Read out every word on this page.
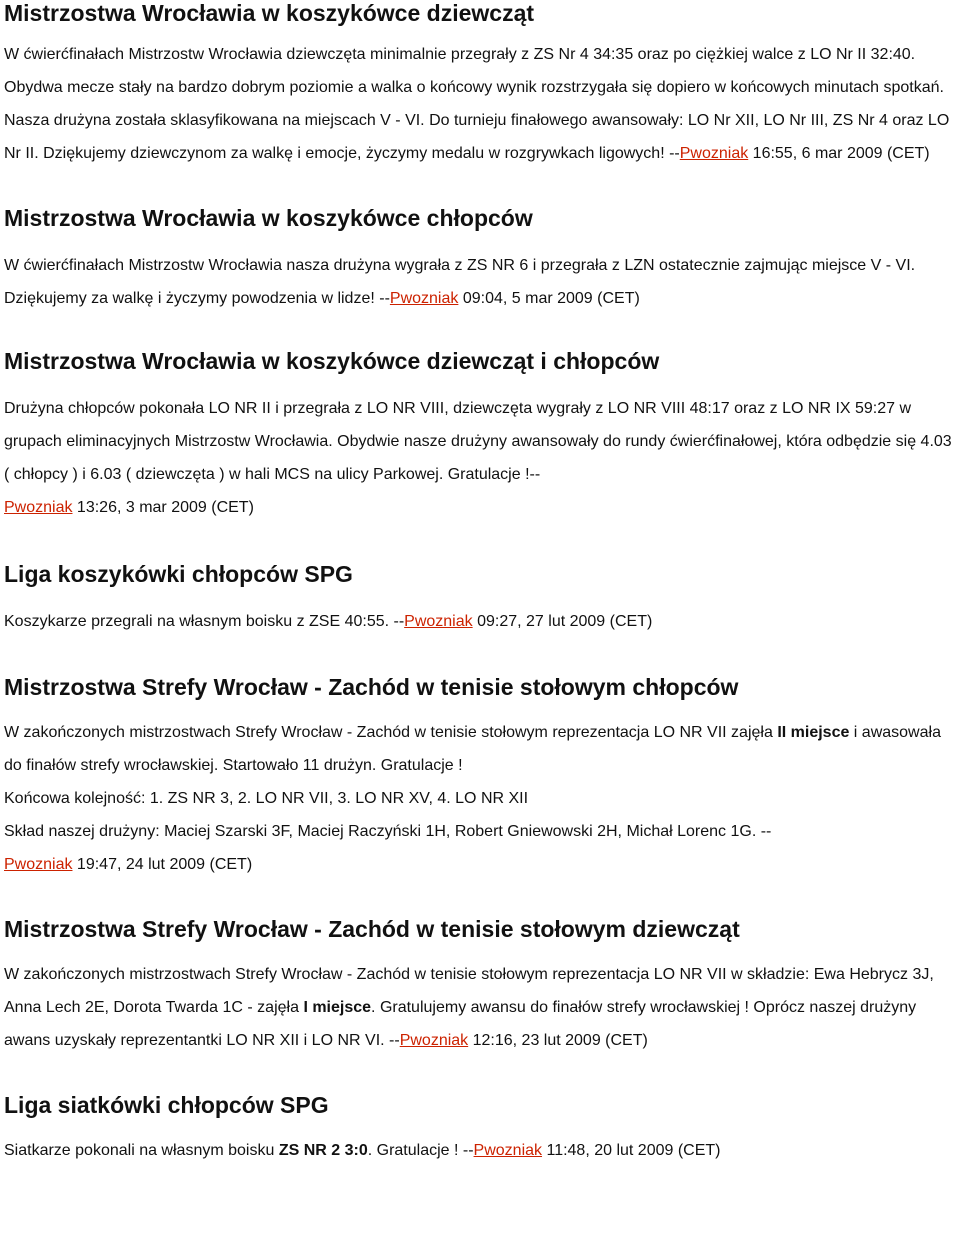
Mistrzostwa Wrocławia w koszykówce dziewcząt

W ćwierćfinałach Mistrzostw Wrocławia dziewczęta minimalnie przegrały z ZS Nr 4 34:35 oraz po ciężkiej walce z LO Nr II 32:40. Obydwa mecze stały na bardzo dobrym poziomie a walka o końcowy wynik rozstrzygała się dopiero w końcowych minutach spotkań. Nasza drużyna została sklasyfikowana na miejscach V - VI. Do turnieju finałowego awansowały: LO Nr XII, LO Nr III, ZS Nr 4 oraz LO Nr II. Dziękujemy dziewczynom za walkę i emocje, życzymy medalu w rozgrywkach ligowych! --Pwozniak 16:55, 6 mar 2009 (CET)

Mistrzostwa Wrocławia w koszykówce chłopców

W ćwierćfinałach Mistrzostw Wrocławia nasza drużyna wygrała z ZS NR 6 i przegrała z LZN ostatecznie zajmując miejsce V - VI. Dziękujemy za walkę i życzymy powodzenia w lidze! --Pwozniak 09:04, 5 mar 2009 (CET)

Mistrzostwa Wrocławia w koszykówce dziewcząt i chłopców

Drużyna chłopców pokonała LO NR II i przegrała z LO NR VIII, dziewczęta wygrały z LO NR VIII 48:17 oraz z LO NR IX 59:27 w grupach eliminacyjnych Mistrzostw Wrocławia. Obydwie nasze drużyny awansowały do rundy ćwierćfinałowej, która odbędzie się 4.03 ( chłopcy ) i 6.03 ( dziewczęta ) w hali MCS na ulicy Parkowej. Gratulacje !--
Pwozniak 13:26, 3 mar 2009 (CET)

Liga koszykówki chłopców SPG

Koszykarze przegrali na własnym boisku z ZSE 40:55. --Pwozniak 09:27, 27 lut 2009 (CET)

Mistrzostwa Strefy Wrocław - Zachód w tenisie stołowym chłopców

W zakończonych mistrzostwach Strefy Wrocław - Zachód w tenisie stołowym reprezentacja LO NR VII zajęła II miejsce i awasowała do finałów strefy wrocławskiej. Startowało 11 drużyn. Gratulacje !

Końcowa kolejność: 1. ZS NR 3, 2. LO NR VII, 3. LO NR XV, 4. LO NR XII

Skład naszej drużyny: Maciej Szarski 3F, Maciej Raczyński 1H, Robert Gniewowski 2H, Michał Lorenc 1G. --
Pwozniak 19:47, 24 lut 2009 (CET)

Mistrzostwa Strefy Wrocław - Zachód w tenisie stołowym dziewcząt

W zakończonych mistrzostwach Strefy Wrocław - Zachód w tenisie stołowym reprezentacja LO NR VII w składzie: Ewa Hebrycz 3J, Anna Lech 2E, Dorota Twarda 1C - zajęła I miejsce. Gratulujemy awansu do finałów strefy wrocławskiej ! Oprócz naszej drużyny awans uzyskały reprezentantki LO NR XII i LO NR VI. --Pwozniak 12:16, 23 lut 2009 (CET)

Liga siatkówki chłopców SPG

Siatkarze pokonali na własnym boisku ZS NR 2 3:0. Gratulacje ! --Pwozniak 11:48, 20 lut 2009 (CET)
